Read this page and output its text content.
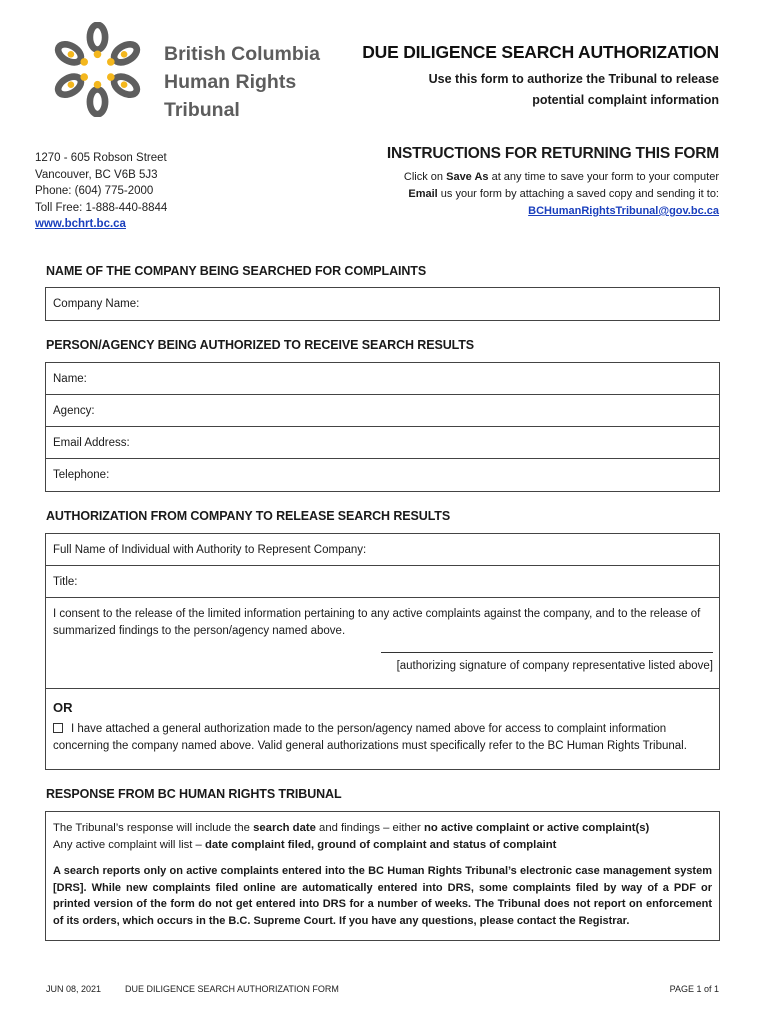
British Columbia
Human Rights
Tribunal
DUE DILIGENCE SEARCH AUTHORIZATION
Use this form to authorize the Tribunal to release
potential complaint information
1270 - 605 Robson Street
Vancouver, BC V6B 5J3
Phone: (604) 775-2000
Toll Free: 1-888-440-8844
www.bchrt.bc.ca
INSTRUCTIONS FOR RETURNING THIS FORM
Click on Save As at any time to save your form to your computer
Email us your form by attaching a saved copy and sending it to:
BCHumanRightsTribunal@gov.bc.ca
NAME OF THE COMPANY BEING SEARCHED FOR COMPLAINTS
Company Name:
PERSON/AGENCY BEING AUTHORIZED TO RECEIVE SEARCH RESULTS
Name:
Agency:
Email Address:
Telephone:
AUTHORIZATION FROM COMPANY TO RELEASE SEARCH RESULTS
Full Name of Individual with Authority to Represent Company:
Title:
I consent to the release of the limited information pertaining to any active complaints against the company, and to the release of
summarized findings to the person/agency named above.
[authorizing signature of company representative listed above]
OR
I have attached a general authorization made to the person/agency named above for access to complaint information
concerning the company named above. Valid general authorizations must specifically refer to the BC Human Rights Tribunal.
RESPONSE FROM BC HUMAN RIGHTS TRIBUNAL
The Tribunal’s response will include the search date and findings – either no active complaint or active complaint(s)
Any active complaint will list – date complaint filed, ground of complaint and status of complaint
A search reports only on active complaints entered into the BC Human Rights Tribunal’s electronic case management system [DRS]. While new complaints filed online are automatically entered into DRS, some complaints filed by way of a PDF or printed version of the form do not get entered into DRS for a number of weeks. The Tribunal does not report on enforcement of its orders, which occurs in the B.C. Supreme Court. If you have any questions, please contact the Registrar.
JUN 08, 2021	DUE DILIGENCE SEARCH AUTHORIZATION FORM	PAGE 1 of 1
